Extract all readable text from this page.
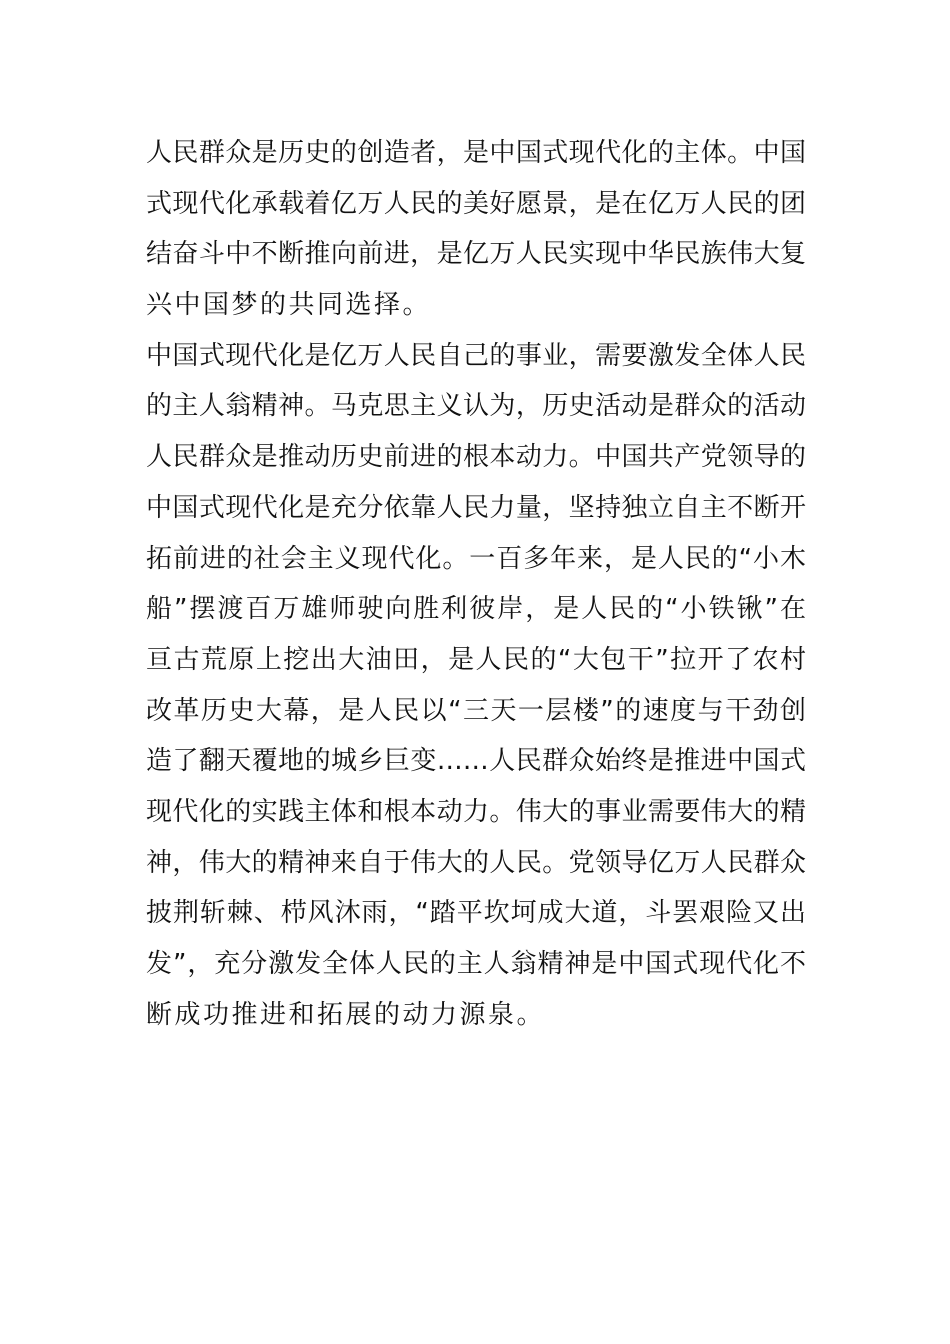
人民群众是历史的创造者，是中国式现代化的主体。中国
式现代化承载着亿万人民的美好愿景，是在亿万人民的团
结奋斗中不断推向前进，是亿万人民实现中华民族伟大复
兴中国梦的共同选择。
中国式现代化是亿万人民自己的事业，需要激发全体人民
的主人翁精神。马克思主义认为，历史活动是群众的活动
人民群众是推动历史前进的根本动力。中国共产党领导的
中国式现代化是充分依靠人民力量，坚持独立自主不断开
拓前进的社会主义现代化。一百多年来，是人民的“小木
船”摆渡百万雄师驶向胜利彼岸，是人民的“小铁锹”在
亘古荒原上挖出大油田，是人民的“大包干”拉开了农村
改革历史大幕，是人民以“三天一层楼”的速度与干劲创
造了翻天覆地的城乡巨变……人民群众始终是推进中国式
现代化的实践主体和根本动力。伟大的事业需要伟大的精
神，伟大的精神来自于伟大的人民。党领导亿万人民群众
披荆斩棘、栉风沐雨，“踏平坎坷成大道，斗罢艰险又出
发”，充分激发全体人民的主人翁精神是中国式现代化不
断成功推进和拓展的动力源泉。
